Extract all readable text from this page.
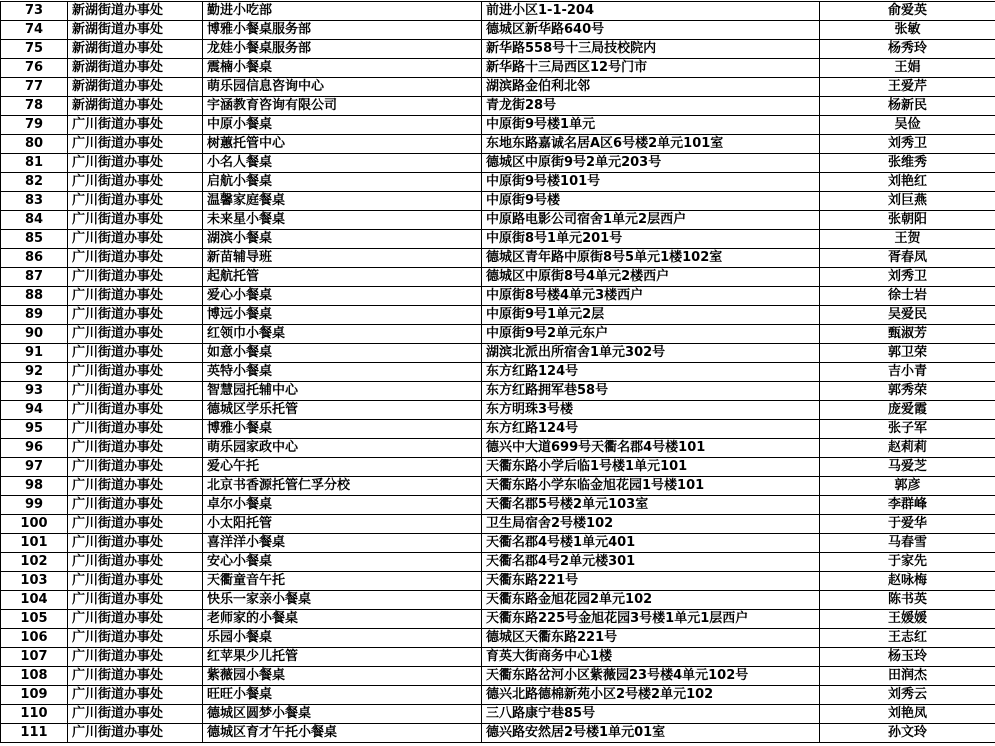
73	新湖街道办事处	勤进小吃部	前进小区1-1-204	俞爱英
74	新湖街道办事处	博雅小餐桌服务部	德城区新华路640号	张敏
75	新湖街道办事处	龙娃小餐桌服务部	新华路558号十三局技校院内	杨秀玲
76	新湖街道办事处	震楠小餐桌	新华路十三局西区12号门市	王娟
77	新湖街道办事处	萌乐园信息咨询中心	湖滨路金伯利北邻	王爱芹
78	新湖街道办事处	宇涵教育咨询有限公司	青龙街28号	杨新民
79	广川街道办事处	中原小餐桌	中原街9号楼1单元	吴俭
80	广川街道办事处	树蕙托管中心	东地东路嘉诚名居A区6号楼2单元101室	刘秀卫
81	广川街道办事处	小名人餐桌	德城区中原街9号2单元203号	张维秀
82	广川街道办事处	启航小餐桌	中原街9号楼101号	刘艳红
83	广川街道办事处	温馨家庭餐桌	中原街9号楼	刘巨燕
84	广川街道办事处	未来星小餐桌	中原路电影公司宿舍1单元2层西户	张朝阳
85	广川街道办事处	湖滨小餐桌	中原街8号1单元201号	王贺
86	广川街道办事处	新苗辅导班	德城区青年路中原街8号5单元1楼102室	胥春凤
87	广川街道办事处	起航托管	德城区中原街8号4单元2楼西户	刘秀卫
88	广川街道办事处	爱心小餐桌	中原街8号楼4单元3楼西户	徐士岩
89	广川街道办事处	博远小餐桌	中原街9号1单元2层	吴爱民
90	广川街道办事处	红领巾小餐桌	中原街9号2单元东户	甄淑芳
91	广川街道办事处	如意小餐桌	湖滨北派出所宿舍1单元302号	郭卫荣
92	广川街道办事处	英特小餐桌	东方红路124号	吉小青
93	广川街道办事处	智慧园托辅中心	东方红路拥军巷58号	郭秀荣
94	广川街道办事处	德城区学乐托管	东方明珠3号楼	庞爱霞
95	广川街道办事处	博雅小餐桌	东方红路124号	张子军
96	广川街道办事处	萌乐园家政中心	德兴中大道699号天衢名郡4号楼101	赵莉莉
97	广川街道办事处	爱心午托	天衢东路小学后临1号楼1单元101	马爱芝
98	广川街道办事处	北京书香源托管仁孚分校	天衢东路小学东临金旭花园1号楼101	郭彦
99	广川街道办事处	卓尔小餐桌	天衢名郡5号楼2单元103室	李群峰
100	广川街道办事处	小太阳托管	卫生局宿舍2号楼102	于爱华
101	广川街道办事处	喜洋洋小餐桌	天衢名郡4号楼1单元401	马春雪
102	广川街道办事处	安心小餐桌	天衢名郡4号2单元楼301	于家先
103	广川街道办事处	天衢童音午托	天衢东路221号	赵咏梅
104	广川街道办事处	快乐一家亲小餐桌	天衢东路金旭花园2单元102	陈书英
105	广川街道办事处	老师家的小餐桌	天衢东路225号金旭花园3号楼1单元1层西户	王媛媛
106	广川街道办事处	乐园小餐桌	德城区天衢东路221号	王志红
107	广川街道办事处	红苹果少儿托管	育英大街商务中心1楼	杨玉玲
108	广川街道办事处	紫薇园小餐桌	天衢东路岔河小区紫薇园23号楼4单元102号	田润杰
109	广川街道办事处	旺旺小餐桌	德兴北路德棉新苑小区2号楼2单元102	刘秀云
110	广川街道办事处	德城区圆梦小餐桌	三八路康宁巷85号	刘艳凤
111	广川街道办事处	德城区育才午托小餐桌	德兴路安然居2号楼1单元01室	孙文玲
